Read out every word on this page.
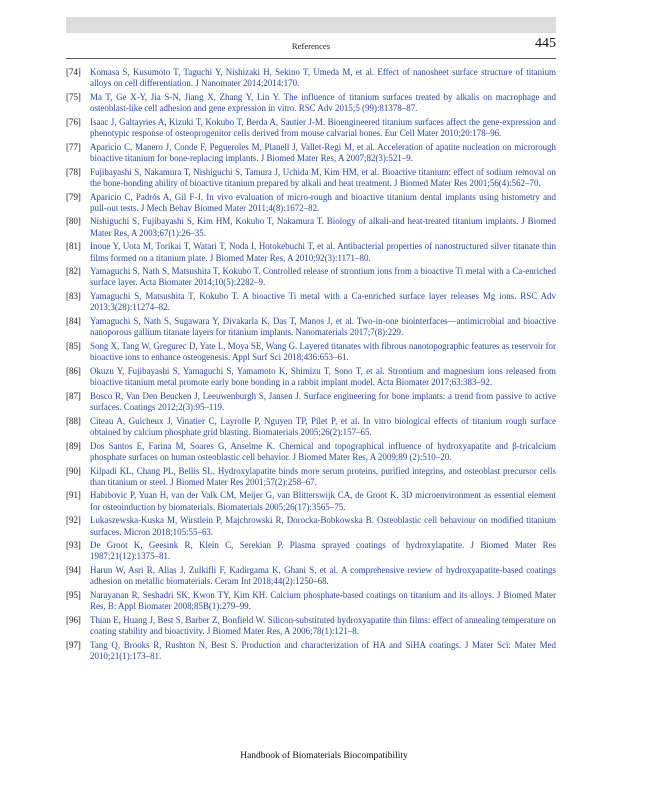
References	445
[74] Komasa S, Kusumoto T, Taguchi Y, Nishizaki H, Sekino T, Umeda M, et al. Effect of nanosheet surface structure of titanium alloys on cell differentiation. J Nanomater 2014;2014:170.
[75] Ma T, Ge X-Y, Jia S-N, Jiang X, Zhang Y, Lin Y. The influence of titanium surfaces treated by alkalis on macrophage and osteoblast-like cell adhesion and gene expression in vitro. RSC Adv 2015;5 (99):81378–87.
[76] Isaac J, Galtayries A, Kizuki T, Kokubo T, Berda A, Sautier J-M. Bioengineered titanium surfaces affect the gene-expression and phenotypic response of osteoprogenitor cells derived from mouse calvarial bones. Eur Cell Mater 2010;20:178–96.
[77] Aparicio C, Manero J, Conde F, Pegueroles M, Planell J, Vallet-Regi M, et al. Acceleration of apatite nucleation on microrough bioactive titanium for bone-replacing implants. J Biomed Mater Res, A 2007;82(3):521–9.
[78] Fujibayashi S, Nakamura T, Nishiguchi S, Tamura J, Uchida M, Kim HM, et al. Bioactive titanium: effect of sodium removal on the bone-bonding ability of bioactive titanium prepared by alkali and heat treatment. J Biomed Mater Res 2001;56(4):562–70.
[79] Aparicio C, Padrós A, Gil F-J. In vivo evaluation of micro-rough and bioactive titanium dental implants using histometry and pull-out tests. J Mech Behav Biomed Mater 2011;4(8):1672–82.
[80] Nishiguchi S, Fujibayashi S, Kim HM, Kokubo T, Nakamura T. Biology of alkali-and heat-treated titanium implants. J Biomed Mater Res, A 2003;67(1):26–35.
[81] Inoue Y, Uota M, Torikai T, Watari T, Noda I, Hotokebuchi T, et al. Antibacterial properties of nanostructured silver titanate thin films formed on a titanium plate. J Biomed Mater Res, A 2010;92(3):1171–80.
[82] Yamaguchi S, Nath S, Matsushita T, Kokubo T. Controlled release of strontium ions from a bioactive Ti metal with a Ca-enriched surface layer. Acta Biomater 2014;10(5):2282–9.
[83] Yamaguchi S, Matsushita T, Kokubo T. A bioactive Ti metal with a Ca-enriched surface layer releases Mg ions. RSC Adv 2013;3(28):11274–82.
[84] Yamaguchi S, Nath S, Sugawara Y, Divakarla K, Das T, Manos J, et al. Two-in-one biointerfaces—antimicrobial and bioactive nanoporous gallium titanate layers for titanium implants. Nanomaterials 2017;7(8):229.
[85] Song X, Tang W, Gregurec D, Yate L, Moya SE, Wang G. Layered titanates with fibrous nanotopographic features as reservoir for bioactive ions to enhance osteogenesis. Appl Surf Sci 2018;436:653–61.
[86] Okuzu Y, Fujibayashi S, Yamaguchi S, Yamamoto K, Shimizu T, Sono T, et al. Strontium and magnesium ions released from bioactive titanium metal promote early bone bonding in a rabbit implant model. Acta Biomater 2017;63:383–92.
[87] Bosco R, Van Den Beucken J, Leeuwenburgh S, Jansen J. Surface engineering for bone implants: a trend from passive to active surfaces. Coatings 2012;2(3):95–119.
[88] Citeau A, Guicheux J, Vinatier C, Layrolle P, Nguyen TP, Pilet P, et al. In vitro biological effects of titanium rough surface obtained by calcium phosphate grid blasting. Biomaterials 2005;26(2):157–65.
[89] Dos Santos E, Farina M, Soares G, Anselme K. Chemical and topographical influence of hydroxyapatite and β-tricalcium phosphate surfaces on human osteoblastic cell behavior. J Biomed Mater Res, A 2009;89 (2):510–20.
[90] Kilpadi KL, Chang PL, Bellis SL. Hydroxylapatite binds more serum proteins, purified integrins, and osteoblast precursor cells than titanium or steel. J Biomed Mater Res 2001;57(2):258–67.
[91] Habibovic P, Yuan H, van der Valk CM, Meijer G, van Blitterswijk CA, de Groot K. 3D microenvironment as essential element for osteoinduction by biomaterials. Biomaterials 2005;26(17):3565–75.
[92] Lukaszewska-Kuska M, Wirstlein P, Majchrowski R, Dorocka-Bobkowska B. Osteoblastic cell behaviour on modified titanium surfaces. Micron 2018;105:55–63.
[93] De Groot K, Geesink R, Klein C, Serekian P. Plasma sprayed coatings of hydroxylapatite. J Biomed Mater Res 1987;21(12):1375–81.
[94] Harun W, Asri R, Alias J, Zulkifli F, Kadirgama K, Ghani S, et al. A comprehensive review of hydroxyapatite-based coatings adhesion on metallic biomaterials. Ceram Int 2018;44(2):1250–68.
[95] Narayanan R, Seshadri SK, Kwon TY, Kim KH. Calcium phosphate-based coatings on titanium and its alloys. J Biomed Mater Res, B: Appl Biomater 2008;85B(1):279–99.
[96] Thian E, Huang J, Best S, Barber Z, Bonfield W. Silicon-substituted hydroxyapatite thin films: effect of annealing temperature on coating stability and bioactivity. J Biomed Mater Res, A 2006;78(1):121–8.
[97] Tang Q, Brooks R, Rushton N, Best S. Production and characterization of HA and SiHA coatings. J Mater Sci: Mater Med 2010;21(1):173–81.
Handbook of Biomaterials Biocompatibility
